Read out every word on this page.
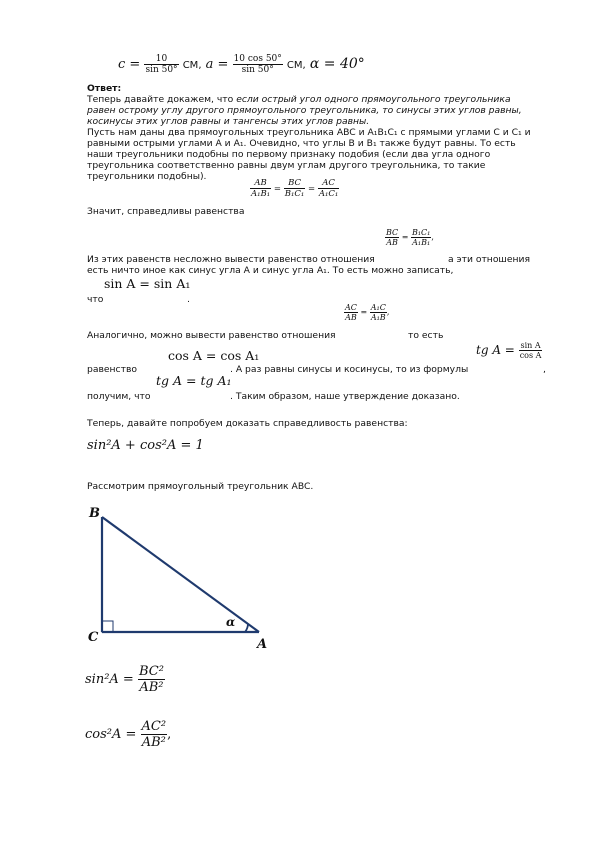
$c = \frac{10}{\sin 50^\circ}$ СМ, $a = \frac{10 \cos 50^\circ}{\sin 50^\circ}$ СМ, α = 40°
Ответ:
Теперь давайте докажем, что если острый угол одного прямоугольного треугольника
равен острому углу другого прямоугольного треугольника, то синусы этих углов равны,
косинусы этих углов равны и тангенсы этих углов равны.
Пусть нам даны два прямоугольных треугольника ABC и A₁B₁C₁ с прямыми углами C и C₁ и
равными острыми углами A и A₁. Очевидно, что углы B и B₁ также будут равны. То есть
наши треугольники подобны по первому признаку подобия (если два угла одного
треугольника соответственно равны двум углам другого треугольника, то такие
треугольники подобны).
$\frac{AB}{\text{A₁B₁}} = \frac{BC}{\text{B₁C₁}} = \frac{AC}{\text{A₁C₁}}$
Значит, справедливы равенства
$\frac{BC}{AB} = \frac{\text{B₁C₁}}{\text{A₁B₁}}$ ,
Из этих равенств несложно вывести равенство отношения	а эти отношения
есть ничто иное как синус угла A и синус угла A₁. То есть можно записать,
sin A = sin A₁
что	.
$\frac{AC}{AB} = \frac{\text{A₁C}}{\text{A₁B}}$ ,
Аналогично, можно вывести равенство отношения	то есть
tg $A = \frac{\text{sin A}}{\text{cos A}}$
равенство
cos A = cos A₁
. А раз равны синусы и косинусы, то из формулы	,
получим, что
tg A = tg A₁
. Таким образом, наше утверждение доказано.
Теперь, давайте попробуем доказать справедливость равенства:
sin²A + cos²A = 1
Рассмотрим прямоугольный треугольник ABC.
B
C	A
α
$\sin^2A = \frac{\text{BC²}}{\text{AB²}}$
$\cos^2A = \frac{\text{AC²}}{\text{AB²}}$ ,
